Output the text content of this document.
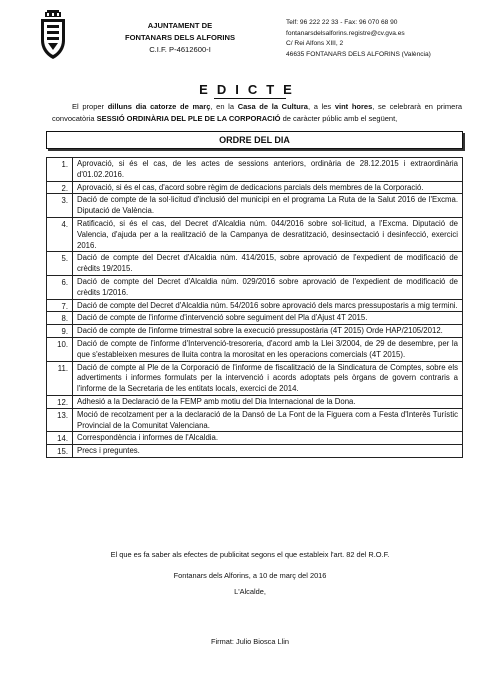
AJUNTAMENT DE
FONTANARS DELS ALFORINS
C.I.F. P-4612600-I
Telf: 96 222 22 33 - Fax: 96 070 68 90
fontanarsdelsalforins.registre@cv.gva.es
C/ Rei Alfons XIII, 2
46635 FONTANARS DELS ALFORINS (València)
EDICTE
El proper dilluns dia catorze de març, en la Casa de la Cultura, a les vint hores, se celebrarà en primera convocatòria SESSIÓ ORDINÀRIA DEL PLE DE LA CORPORACIÓ de caràcter públic amb el següent,
ORDRE DEL DIA
1.	Aprovació, si és el cas, de les actes de sessions anteriors, ordinària de 28.12.2015 i extraordinària d'01.02.2016.
2.	Aprovació, si és el cas, d'acord sobre règim de dedicacions parcials dels membres de la Corporació.
3.	Dació de compte de la sol·licitud d'inclusió del municipi en el programa La Ruta de la Salut 2016 de l'Excma. Diputació de València.
4.	Ratificació, si és el cas, del Decret d'Alcaldia núm. 044/2016 sobre sol·licitud, a l'Excma. Diputació de Valencia, d'ajuda per a la realització de la Campanya de desratització, desinsectació i desinfecció, exercici 2016.
5.	Dació de compte del Decret d'Alcaldia núm. 414/2015, sobre aprovació de l'expedient de modificació de crèdits 19/2015.
6.	Dació de compte del Decret d'Alcaldia núm. 029/2016 sobre aprovació de l'expedient de modificació de crèdits 1/2016.
7.	Dació de compte del Decret d'Alcaldia núm. 54/2016 sobre aprovació dels marcs pressupostaris a mig termini.
8.	Dació de compte de l'informe d'intervenció sobre seguiment del Pla d'Ajust 4T 2015.
9.	Dació de compte de l'informe trimestral sobre la execució pressupostària (4T 2015) Orde HAP/2105/2012.
10.	Dació de compte de l'informe d'Intervenció-tresoreria, d'acord amb la Llei 3/2004, de 29 de desembre, per la que s'estableixen mesures de lluita contra la morositat en les operacions comercials (4T 2015).
11.	Dació de compte al Ple de la Corporació de l'informe de fiscalització de la Sindicatura de Comptes, sobre els advertiments i informes formulats per la intervenció i acords adoptats pels òrgans de govern contraris a l'informe de la Secretaria de les entitats locals, exercici de 2014.
12.	Adhesió a la Declaració de la FEMP amb motiu del Dia Internacional de la Dona.
13.	Moció de recolzament per a la declaració de la Dansó de La Font de la Figuera com a Festa d'Interès Turístic Provincial de la Comunitat Valenciana.
14.	Correspondència i informes de l'Alcaldia.
15.	Precs i preguntes.
El que es fa saber als efectes de publicitat segons el que estableix l'art. 82 del R.O.F.
Fontanars dels Alforins, a 10 de març del 2016
L'Alcalde,
Firmat: Julio Biosca Llin
